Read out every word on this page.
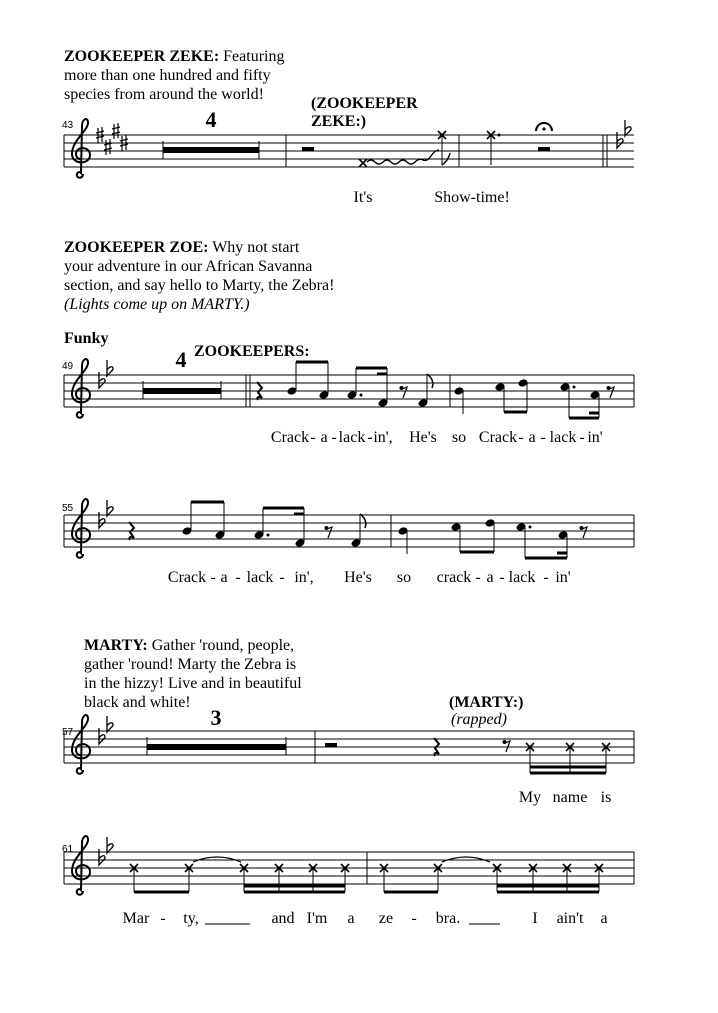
ZOOKEEPER ZEKE: Featuring
more than one hundred and fifty
species from around the world!
(ZOOKEEPER
ZEKE:)
43	4
It's	Show-time!
ZOOKEEPER ZOE: Why not start
your adventure in our African Savanna
section, and say hello to Marty, the Zebra!
(Lights come up on MARTY.)
Funky
4 ZOOKEEPERS:
49
Crack - a - lack - in', He's so Crack - a - lack - in'
55
Crack - a - lack - in', He's so crack - a - lack - in'
MARTY: Gather 'round, people,
gather 'round! Marty the Zebra is
in the hizzy! Live and in beautiful
black and white!	(MARTY:)
(rapped)
3
57
My name is
61
Mar - ty,	and I'm a ze - bra.	I ain't a
